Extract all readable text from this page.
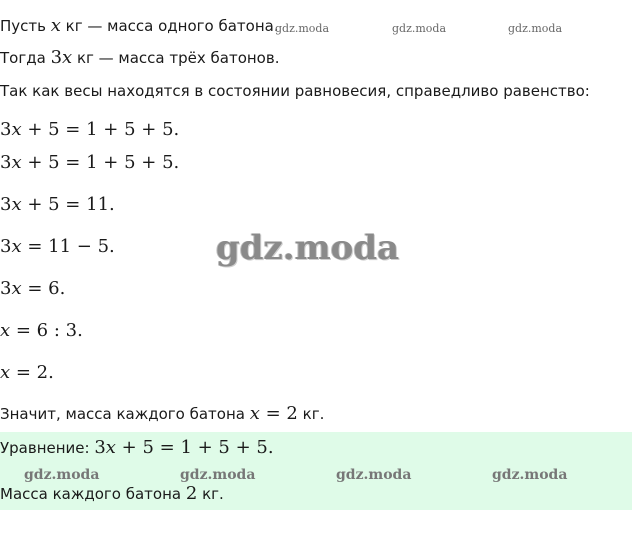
Пусть x кг — масса одного батона.
gdz.moda	gdz.moda	gdz.moda
Тогда 3x кг — масса трёх батонов.
Так как весы находятся в состоянии равновесия, справедливо равенство:
3x + 5 = 1 + 5 + 5.
3x + 5 = 1 + 5 + 5.
3x + 5 = 11.
3x = 11 − 5.
3x = 6.
x = 6 : 3.
x = 2.
gdz.moda
Значит, масса каждого батона x = 2 кг.
Уравнение: 3x + 5 = 1 + 5 + 5.
gdz.moda	gdz.moda	gdz.moda	gdz.moda
Масса каждого батона 2 кг.
